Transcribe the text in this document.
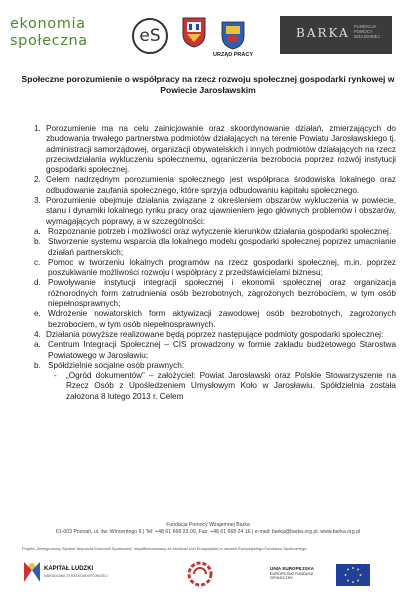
ekonomia
społeczna	eS
URZĄD PRACY
BARKA FUNDACJA POMOCY WZAJEMNEJ
Społeczne porozumienie o współpracy na rzecz rozwoju społecznej gospodarki rynkowej w Powiecie Jarosławskim
1. Porozumienie ma na celu zainicjowanie oraz skoordynowanie działań, zmierzających do zbudowania trwałego partnerstwa podmiotów działających na terenie Powiatu Jarosławskiego tj. administracji samorządowej, organizacji obywatelskich i innych podmiotów działających na rzecz przeciwdziałania wykluczeniu społecznemu, ograniczenia bezrobocia poprzez rozwój instytucji gospodarki społecznej.
2. Celem nadrzędnym porozumienia społecznego jest współpraca środowiska lokalnego oraz odbudowanie zaufania społecznego, które sprzyja odbudowaniu kapitału społecznego.
3. Porozumienie obejmuje działania związane z określeniem obszarów wykluczenia w powiecie, stanu i dynamiki lokalnego rynku pracy oraz ujawnieniem jego głównych problemów i obszarów, wymagających poprawy, a w szczególności:
a. Rozpoznanie potrzeb i możliwości oraz wytyczenie kierunków działania gospodarki społecznej.
b. Stworzenie systemu wsparcia dla lokalnego modelu gospodarki społecznej poprzez umacnianie działań partnerskich;
c. Pomoc w tworzeniu lokalnych programów na rzecz gospodarki społecznej, m.in. poprzez poszukiwanie możliwości rozwoju i współpracy z przedstawicielami biznesu;
d. Powoływanie instytucji integracji społecznej i ekonomii społecznej oraz organizacja różnorodnych form zatrudnienia osób bezrobotnych, zagrożonych bezrobociem, w tym osób niepełnosprawnych;
e. Wdrożenie nowatorskich form aktywizacji zawodowej osób bezrobotnych, zagrożonych bezrobociem, w tym osób niepełnosprawnych.
4. Działania powyższe realizowane będą poprzez następujące podmioty gospodarki społecznej:
a. Centrum Integracji Społecznej – CIS prowadzony w formie zakładu budżetowego Starostwa Powiatowego w Jarosławiu;
b. Spółdzielnie socjalne osób prawnych:
- „Ogród dokumentów” – założyciel: Powiat Jarosławski oraz Polskie Stowarzyszenie na Rzecz Osób z Upośledzeniem Umysłowym Koło w Jarosławiu. Spółdzielnia została założona 8 lutego 2013 r. Celem
Fundacja Pomocy Wzajemnej Barka
61-003 Poznań, ul. św. Wincentego 6 | Tel: +48 61 668 23 00, Fax: +48 61 668 24 16 | e-mail: barka@barka.org.pl, www.barka.org.pl
Projekt „Zintegrowany System Wsparcia Ekonomii Społecznej” współfinansowany ze środków Unii Europejskiej w ramach Europejskiego Funduszu Społecznego
KAPITAŁ LUDZKI
NARODOWA STRATEGIA SPÓJNOŚCI
UNIA EUROPEJSKA
EUROPEJSKI FUNDUSZ SPOŁECZNY
